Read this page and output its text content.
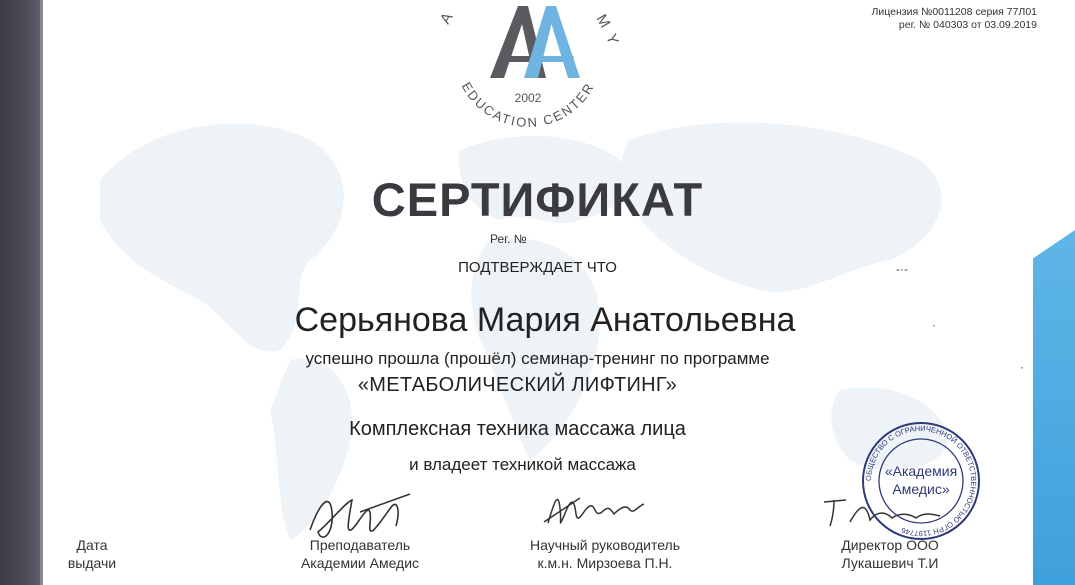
Лицензия №0011208 серия 77Л01
рег. № 040303 от 03.09.2019
A	M
Y
2002
EDUCATION CENTER
СЕРТИФИКАТ
Рег. №
ПОДТВЕРЖДАЕТ ЧТО
Серьянова Мария Анатольевна
успешно прошла (прошёл) семинар-тренинг по программе
«МЕТАБОЛИЧЕСКИЙ ЛИФТИНГ»
Комплексная техника массажа лица
и владеет техникой массажа
-·-
·
·
ОБЩЕСТВО С ОГРАНИЧЕННОЙ ОТВЕТСТВЕННОСТЬЮ ОГРН 1197746
«Академия
Амедис»
Дата
выдачи
Преподаватель
Академии Амедис
Научный руководитель
к.м.н. Мирзоева П.Н.
Директор ООО
Лукашевич Т.И
